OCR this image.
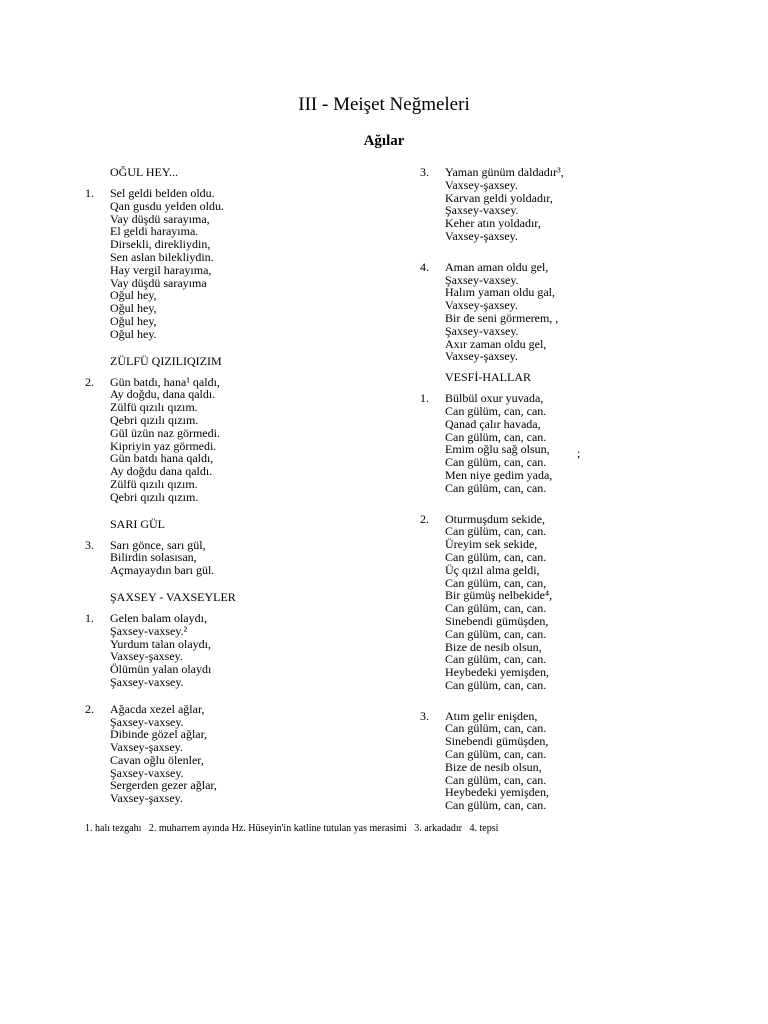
III - Meişet Neğmeleri
Ağılar
OĞUL HEY...
1.	Sel geldi belden oldu.
Qan gusdu yelden oldu.
Vay düşdü sarayıma,
El geldi harayıma.
Dirsekli, direkliydin,
Sen aslan bilekliydin.
Hay vergil harayıma,
Vay düşdü sarayıma
Oğul hey,
Oğul hey,
Oğul hey,
Oğul hey.
ZÜLFÜ QIZILIQIZIM
2.	Gün batdı, hana¹ qaldı,
Ay doğdu, dana qaldı.
Zülfü qızılı qızım.
Qebri qızılı qızım.
Gül üzün naz görmedi.
Kipriyin yaz görmedi.
Gün batdı hana qaldı,
Ay doğdu dana qaldı.
Zülfü qızılı qızım.
Qebri qızılı qızım.
SARI GÜL
3.	Sarı gönce, sarı gül,
Bilirdin solasısan,
Açmayaydın barı gül.
ŞAXSEY - VAXSEYLER
1.	Gelen balam olaydı,
Şaxsey-vaxsey.²
Yurdum talan olaydı,
Vaxsey-şaxsey.
Ölümün yalan olaydı
Şaxsey-vaxsey.
2.	Ağacda xezel ağlar,
Şaxsey-vaxsey.
Dibinde gözel ağlar,
Vaxsey-şaxsey.
Cavan oğlu ölenler,
Şaxsey-vaxsey.
Sergerden gezer ağlar,
Vaxsey-şaxsey.
3.	Yaman günüm daldadır³,
Vaxsey-şaxsey.
Karvan geldi yoldadır,
Şaxsey-vaxsey.
Keher atın yoldadır,
Vaxsey-şaxsey.
4.	Aman aman oldu gel,
Şaxsey-vaxsey.
Halım yaman oldu gal,
Vaxsey-şaxsey.
Bir de seni görmerem, ,
Şaxsey-vaxsey.
Axır zaman oldu gel,
Vaxsey-şaxsey.
VESFİ-HALLAR
1.	Bülbül oxur yuvada,
Can gülüm, can, can.
Qanad çalır havada,
Can gülüm, can, can.
Emim oğlu sağ olsun,
Can gülüm, can, can.
Men niye gedim yada,
Can gülüm, can, can.
2.	Oturmuşdum sekide,
Can gülüm, can, can.
Üreyim sek sekide,
Can gülüm, can, can.
Üç qızıl alma geldi,
Can gülüm, can, can,
Bir gümüş nelbekide⁴,
Can gülüm, can, can.
Sinebendi gümüşden,
Can gülüm, can, can.
Bize de nesib olsun,
Can gülüm, can, can.
Heybedeki yemişden,
Can gülüm, can, can.
3.	Atım gelir enişden,
Can gülüm, can, can.
Sinebendi gümüşden,
Can gülüm, can, can.
Bize de nesib olsun,
Can gülüm, can, can.
Heybedeki yemişden,
Can gülüm, can, can.
;
1. halı tezgahı 2. muharrem ayında Hz. Hüseyin'in katline tutulan yas merasimi 3. arkadadır 4. tepsi
